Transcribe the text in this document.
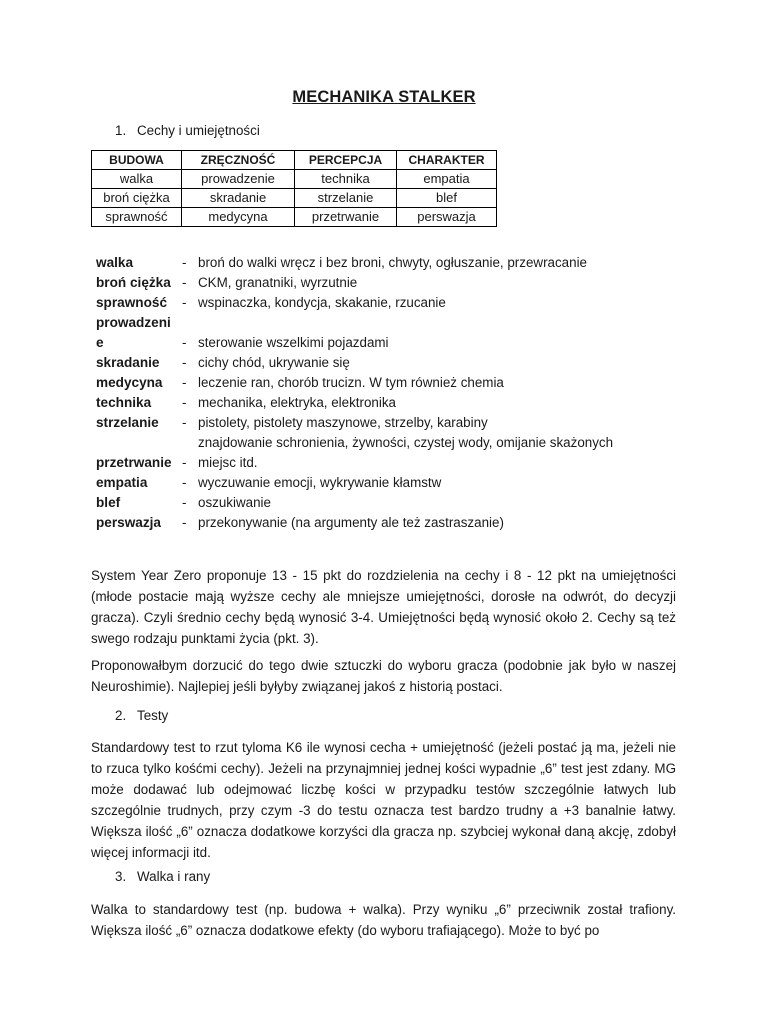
MECHANIKA STALKER
1. Cechy i umiejętności
BUDOWA	ZRĘCZNOŚĆ	PERCEPCJA	CHARAKTER
walka	prowadzenie	technika	empatia
broń ciężka	skradanie	strzelanie	blef
sprawność	medycyna	przetrwanie	perswazja
walka	- broń do walki wręcz i bez broni, chwyty, ogłuszanie, przewracanie
broń ciężka - CKM, granatniki, wyrzutnie
sprawność	- wspinaczka, kondycja, skakanie, rzucanie
prowadzeni
e	- sterowanie wszelkimi pojazdami
skradanie	- cichy chód, ukrywanie się
medycyna	- leczenie ran, chorób trucizn. W tym również chemia
technika	- mechanika, elektryka, elektronika
strzelanie	- pistolety, pistolety maszynowe, strzelby, karabiny
znajdowanie schronienia, żywności, czystej wody, omijanie skażonych
przetrwanie - miejsc itd.
empatia	- wyczuwanie emocji, wykrywanie kłamstw
blef	- oszukiwanie
perswazja	- przekonywanie (na argumenty ale też zastraszanie)

System Year Zero proponuje 13 - 15 pkt do rozdzielenia na cechy i 8 - 12 pkt na umiejętności (młode postacie mają wyższe cechy ale mniejsze umiejętności, dorosłe na odwrót, do decyzji gracza). Czyli średnio cechy będą wynosić 3-4. Umiejętności będą wynosić około 2. Cechy są też swego rodzaju punktami życia (pkt. 3).

Proponowałbym dorzucić do tego dwie sztuczki do wyboru gracza (podobnie jak było w naszej Neuroshimie). Najlepiej jeśli byłyby związanej jakoś z historią postaci.

2. Testy

Standardowy test to rzut tyloma K6 ile wynosi cecha + umiejętność (jeżeli postać ją ma, jeżeli nie to rzuca tylko kośćmi cechy). Jeżeli na przynajmniej jednej kości wypadnie „6” test jest zdany. MG może dodawać lub odejmować liczbę kości w przypadku testów szczególnie łatwych lub szczególnie trudnych, przy czym -3 do testu oznacza test bardzo trudny a +3 banalnie łatwy. Większa ilość „6” oznacza dodatkowe korzyści dla gracza np. szybciej wykonał daną akcję, zdobył więcej informacji itd.

3. Walka i rany

Walka to standardowy test (np. budowa + walka). Przy wyniku „6” przeciwnik został trafiony. Większa ilość „6” oznacza dodatkowe efekty (do wyboru trafiającego). Może to być po
